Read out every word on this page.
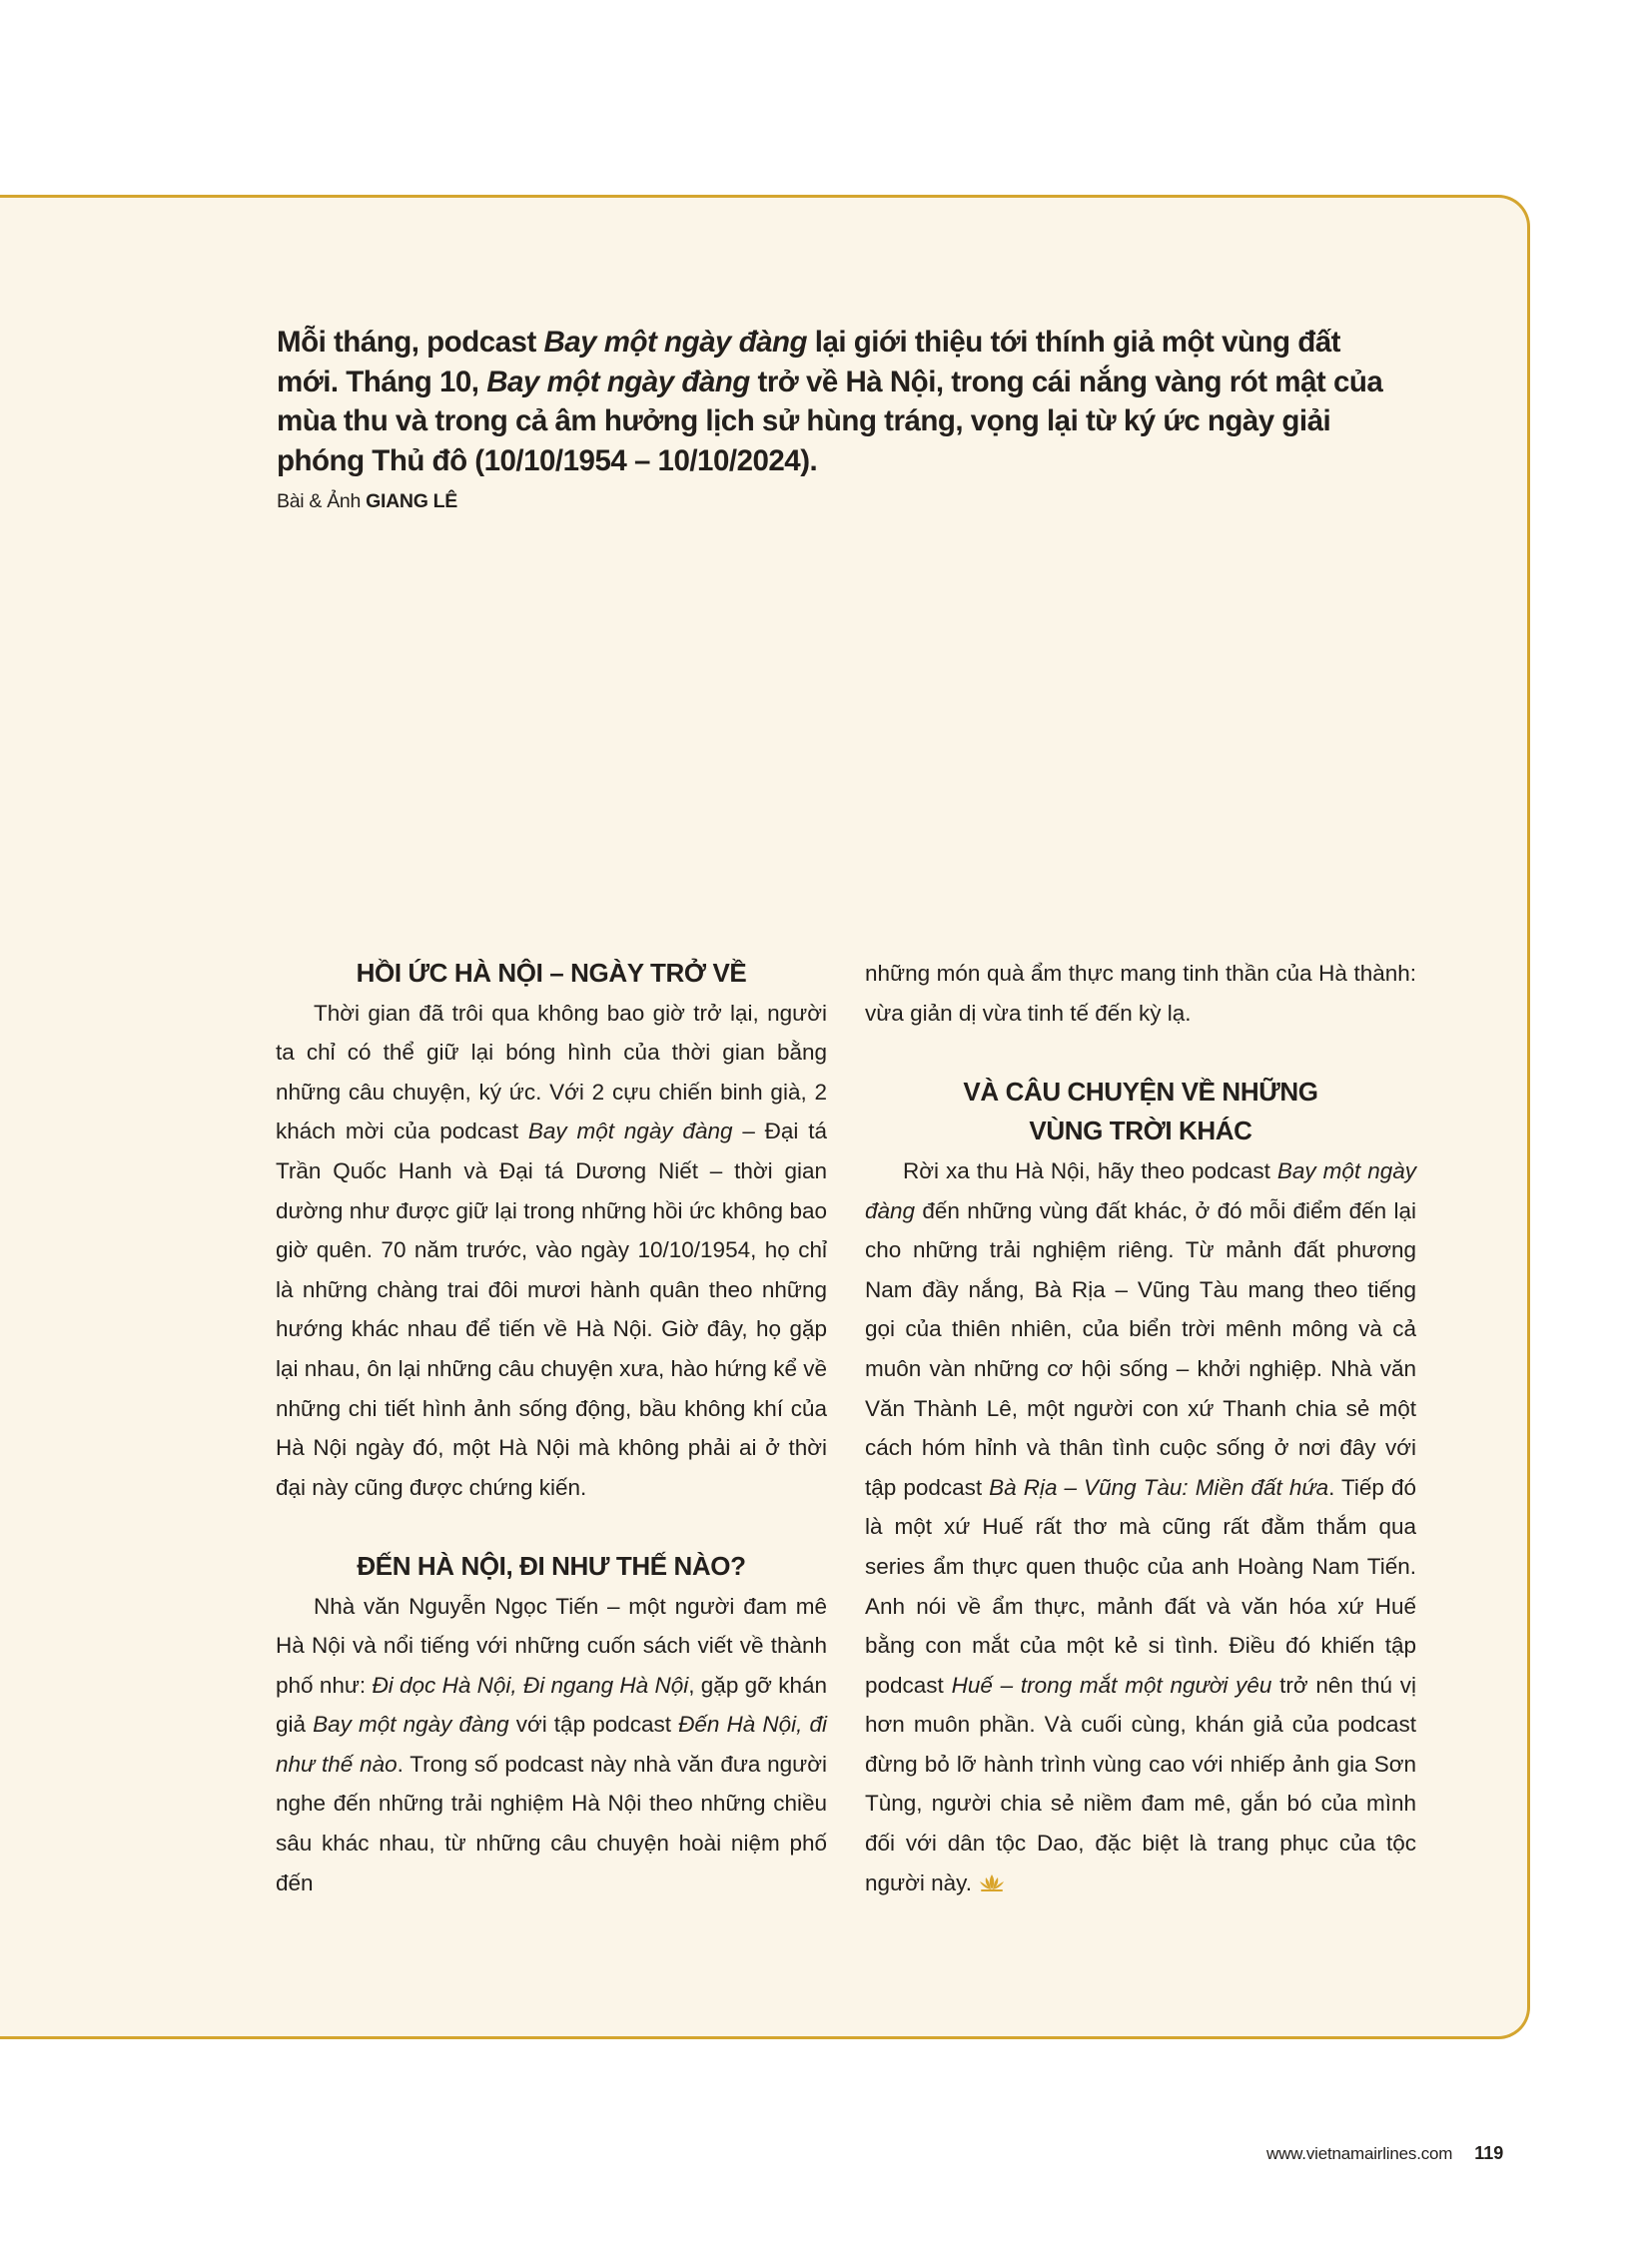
Mỗi tháng, podcast Bay một ngày đàng lại giới thiệu tới thính giả một vùng đất mới. Tháng 10, Bay một ngày đàng trở về Hà Nội, trong cái nắng vàng rót mật của mùa thu và trong cả âm hưởng lịch sử hùng tráng, vọng lại từ ký ức ngày giải phóng Thủ đô (10/10/1954 – 10/10/2024).
Bài & Ảnh GIANG LÊ
HỒI ỨC HÀ NỘI – NGÀY TRỞ VỀ

Thời gian đã trôi qua không bao giờ trở lại, người ta chỉ có thể giữ lại bóng hình của thời gian bằng những câu chuyện, ký ức. Với 2 cựu chiến binh già, 2 khách mời của podcast Bay một ngày đàng – Đại tá Trần Quốc Hanh và Đại tá Dương Niết – thời gian dường như được giữ lại trong những hồi ức không bao giờ quên. 70 năm trước, vào ngày 10/10/1954, họ chỉ là những chàng trai đôi mươi hành quân theo những hướng khác nhau để tiến về Hà Nội. Giờ đây, họ gặp lại nhau, ôn lại những câu chuyện xưa, hào hứng kể về những chi tiết hình ảnh sống động, bầu không khí của Hà Nội ngày đó, một Hà Nội mà không phải ai ở thời đại này cũng được chứng kiến.

ĐẾN HÀ NỘI, ĐI NHƯ THẾ NÀO?

Nhà văn Nguyễn Ngọc Tiến – một người đam mê Hà Nội và nổi tiếng với những cuốn sách viết về thành phố như: Đi dọc Hà Nội, Đi ngang Hà Nội, gặp gỡ khán giả Bay một ngày đàng với tập podcast Đến Hà Nội, đi như thế nào. Trong số podcast này nhà văn đưa người nghe đến những trải nghiệm Hà Nội theo những chiều sâu khác nhau, từ những câu chuyện hoài niệm phố đến

những món quà ẩm thực mang tinh thần của Hà thành: vừa giản dị vừa tinh tế đến kỳ lạ.

VÀ CÂU CHUYỆN VỀ NHỮNG
VÙNG TRỜI KHÁC

Rời xa thu Hà Nội, hãy theo podcast Bay một ngày đàng đến những vùng đất khác, ở đó mỗi điểm đến lại cho những trải nghiệm riêng. Từ mảnh đất phương Nam đầy nắng, Bà Rịa – Vũng Tàu mang theo tiếng gọi của thiên nhiên, của biển trời mênh mông và cả muôn vàn những cơ hội sống – khởi nghiệp. Nhà văn Văn Thành Lê, một người con xứ Thanh chia sẻ một cách hóm hỉnh và thân tình cuộc sống ở nơi đây với tập podcast Bà Rịa – Vũng Tàu: Miền đất hứa. Tiếp đó là một xứ Huế rất thơ mà cũng rất đằm thắm qua series ẩm thực quen thuộc của anh Hoàng Nam Tiến. Anh nói về ẩm thực, mảnh đất và văn hóa xứ Huế bằng con mắt của một kẻ si tình. Điều đó khiến tập podcast Huế – trong mắt một người yêu trở nên thú vị hơn muôn phần. Và cuối cùng, khán giả của podcast đừng bỏ lỡ hành trình vùng cao với nhiếp ảnh gia Sơn Tùng, người chia sẻ niềm đam mê, gắn bó của mình đối với dân tộc Dao, đặc biệt là trang phục của tộc người này.

www.vietnamairlines.com 119
